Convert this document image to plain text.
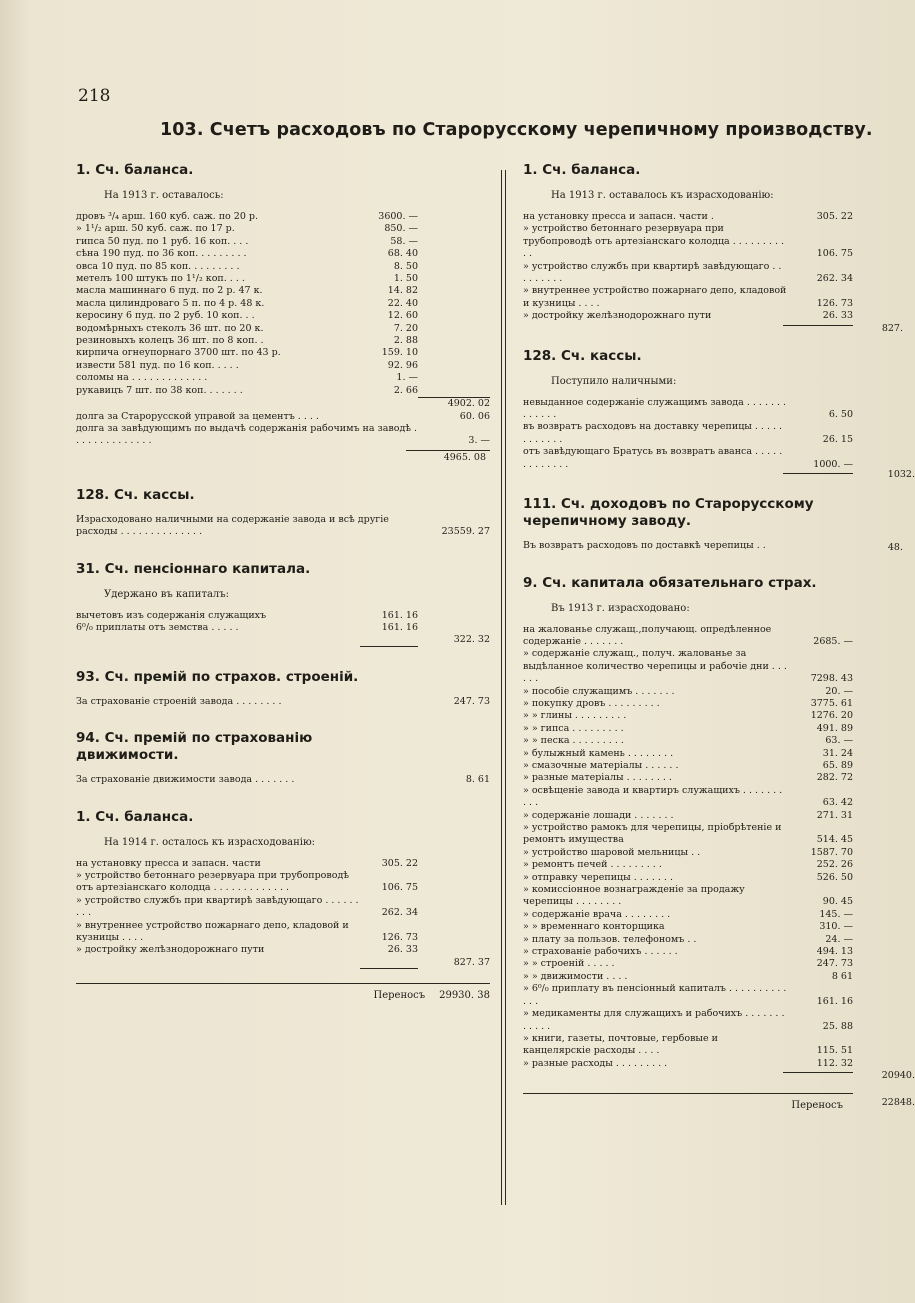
218
103. Счетъ расходовъ по Старорусскому черепичному производству.
1. Сч. баланса.
На 1913 г. оставалось:
дровъ ³/₄ арш. 160 куб. саж. по 20 р.	3600. —
» 1¹/₂ арш. 50 куб. саж. по 17 р.	850. —
гипса 50 пуд. по 1 руб. 16 коп. . . .	58. —
сѣна 190 пуд. по 36 коп. . . . . . . . .	68. 40
овса 10 пуд. по 85 коп. . . . . . . . .	8. 50
метелъ 100 штукъ по 1¹/₂ коп. . . .	1. 50
масла машиннаго 6 пуд. по 2 р. 47 к.	14. 82
масла цилиндроваго 5 п. по 4 р. 48 к.	22. 40
керосину 6 пуд. по 2 руб. 10 коп. . .	12. 60
водомѣрныхъ стеколъ 36 шт. по 20 к.	7. 20
резиновыхъ колецъ 36 шт. по 8 коп. .	2. 88
кирпича огнеупорнаго 3700 шт. по 43 р.	159. 10
извести 581 пуд. по 16 коп. . . . .	92. 96
соломы на . . . . . . . . . . . . .	1. —
рукавицъ 7 шт. по 38 коп. . . . . . .	2. 66
4902. 02
долга за Старорусской управой за цементъ . . . .	60. 06
долга за завѣдующимъ по выдачѣ содержанія рабочимъ на заводѣ . . . . . . . . . . . . . .	3. —
4965. 08
128. Сч. кассы.
Израсходовано наличными на содержаніе завода и всѣ другіе расходы . . . . . . . . . . . . . .	23559. 27
31. Сч. пенсіоннаго капитала.
Удержано въ капиталъ:
вычетовъ изъ содержанія служащихъ	161. 16
6⁰/₀ приплаты отъ земства . . . . .	161. 16
322. 32
93. Сч. премій по страхов. строеній.
За страхованіе строеній завода . . . . . . . .	247. 73
94. Сч. премій по страхованію движимости.
За страхованіе движимости завода . . . . . . .	8. 61
1. Сч. баланса.
На 1914 г. осталось къ израсходованію:
на установку пресса и запасн. части	305. 22
» устройство бетоннаго резервуара при трубопроводѣ отъ артезіанскаго колодца . . . . . . . . . . . . .	106. 75
» устройство службъ при квартирѣ завѣдующаго . . . . . . . . .	262. 34
» внутреннее устройство пожарнаго депо, кладовой и кузницы . . . .	126. 73
» достройку желѣзнодорожнаго пути	26. 33
827. 37
Переносъ 29930. 38
1. Сч. баланса.
На 1913 г. оставалось къ израсходованію:
на установку пресса и запасн. части .	305. 22
» устройство бетоннаго резервуара при трубопроводѣ отъ артезіанскаго колодца . . . . . . . . . . .	106. 75
» устройство службъ при квартирѣ завѣдующаго . . . . . . . . .	262. 34
» внутреннее устройство пожарнаго депо, кладовой и кузницы . . . .	126. 73
» достройку желѣзнодорожнаго пути	26. 33
827.
128. Сч. кассы.
Поступило наличными:
невыданное содержаніе служащимъ завода . . . . . . . . . . . . .	6. 50
въ возвратъ расходовъ на доставку черепицы . . . . . . . . . . . .	26. 15
отъ завѣдующаго Братусь въ возвратъ аванса . . . . . . . . . . . . .	1000. —
1032.
111. Сч. доходовъ по Старорусскому черепичному заводу.
Въ возвратъ расходовъ по доставкѣ черепицы . .	48.
9. Сч. капитала обязательнаго страх.
Въ 1913 г. израсходовано:
на жалованье служащ.,получающ. опредѣленное содержаніе . . . . . . .	2685. —
» содержаніе служащ., получ. жалованье за выдѣланное количество черепицы и рабочіе дни . . . . . .	7298. 43
» пособіе служащимъ . . . . . . .	20. —
» покупку дровъ . . . . . . . . .	3775. 61
» » глины . . . . . . . . .	1276. 20
» » гипса . . . . . . . . .	491. 89
» » песка . . . . . . . . .	63. —
» булыжный камень . . . . . . . .	31. 24
» смазочные матеріалы . . . . . .	65. 89
» разные матеріалы . . . . . . . .	282. 72
» освѣщеніе завода и квартиръ служащихъ . . . . . . . . . .	63. 42
» содержаніе лошади . . . . . . .	271. 31
» устройство рамокъ для черепицы, пріобрѣтеніе и ремонтъ имущества	514. 45
» устройство шаровой мельницы . .	1587. 70
» ремонтъ печей . . . . . . . . .	252. 26
» отправку черепицы . . . . . . .	526. 50
» комиссіонное вознагражденіе за продажу черепицы . . . . . . . .	90. 45
» содержаніе врача . . . . . . . .	145. —
» » временнаго конторщика	310. —
» плату за пользов. телефономъ . .	24. —
» страхованіе рабочихъ . . . . . .	494. 13
» » строеній . . . . .	247. 73
» » движимости . . . .	8 61
» 6⁰/₀ приплату въ пенсіонный капиталъ . . . . . . . . . . . . .	161. 16
» медикаменты для служащихъ и рабочихъ . . . . . . . . . . . .	25. 88
» книги, газеты, почтовые, гербовые и канцелярскіе расходы . . . .	115. 51
» разные расходы . . . . . . . . .	112. 32
20940.
Переносъ	22848.
